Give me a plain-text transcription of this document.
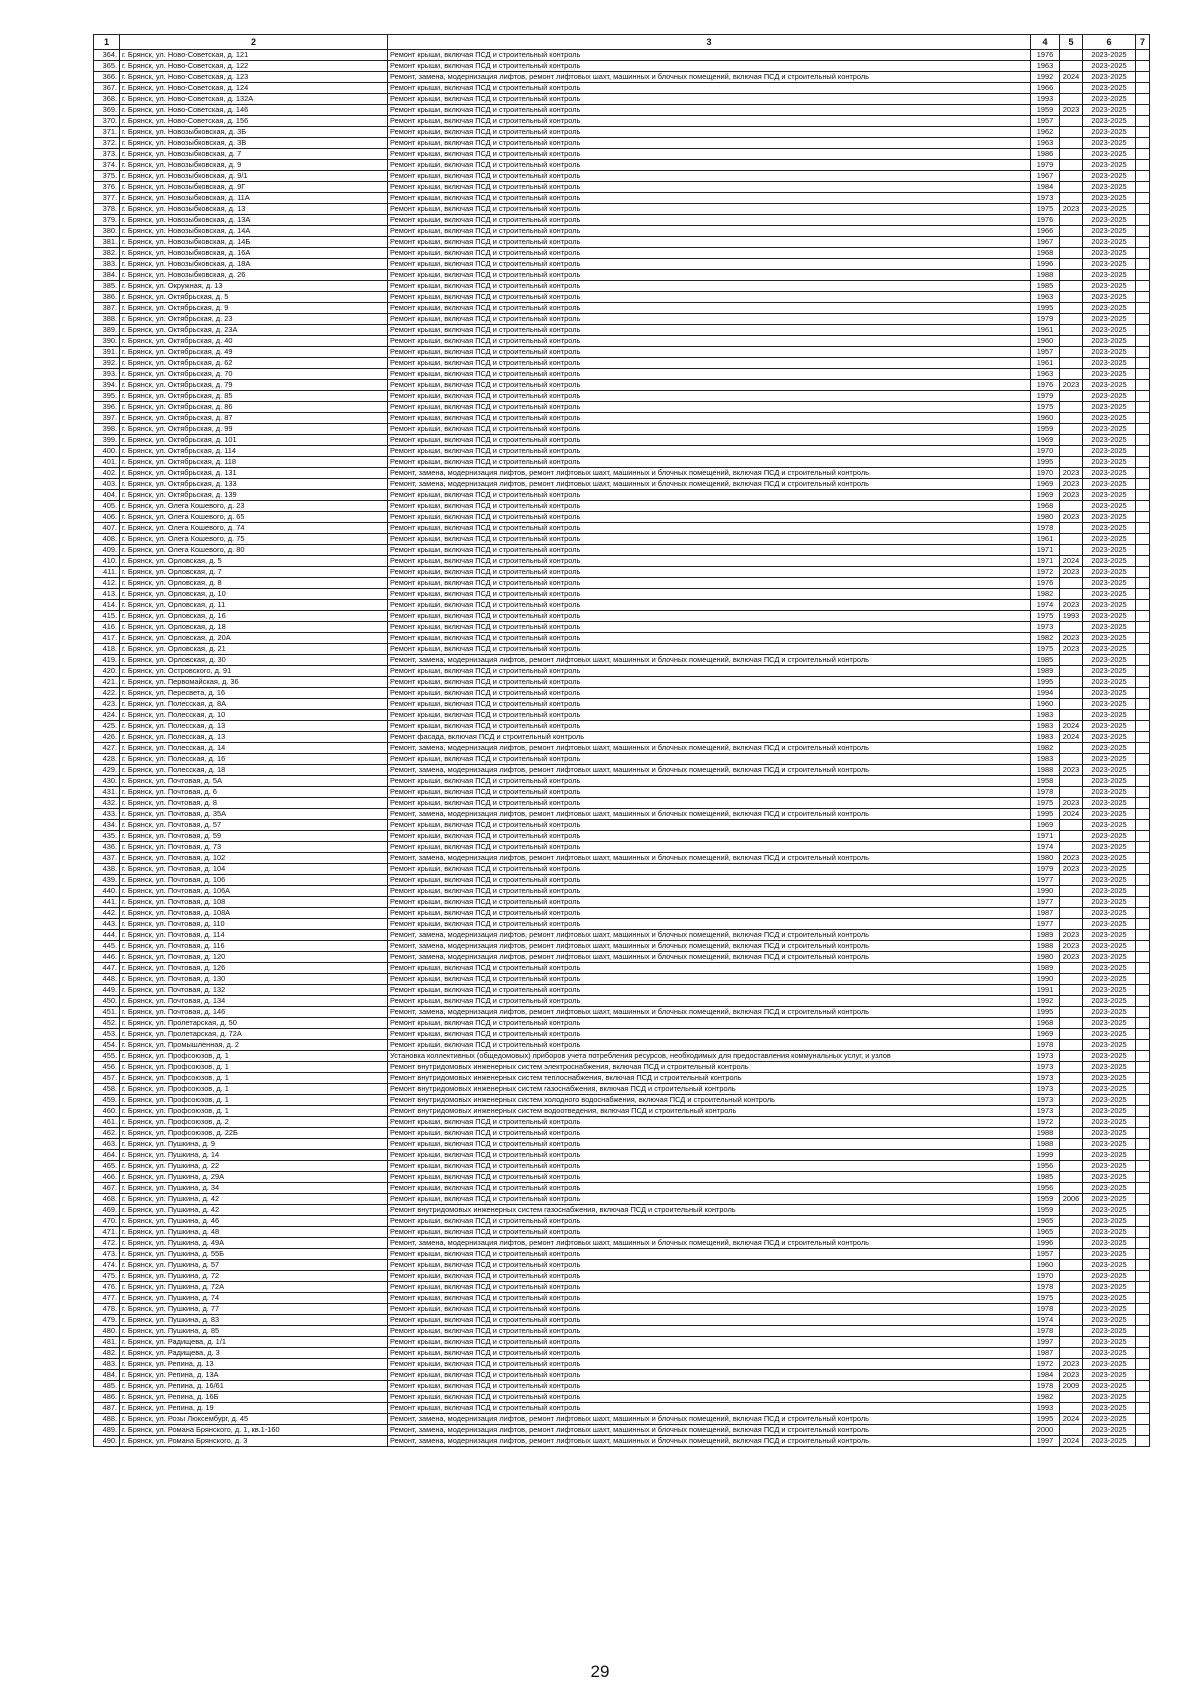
1	2	3	4	5	6	7
364.	г. Брянск, ул. Ново-Советская, д. 121	Ремонт крыши, включая ПСД и строительный контроль	1976		2023-2025	
365.	г. Брянск, ул. Ново-Советская, д. 122	Ремонт крыши, включая ПСД и строительный контроль	1963		2023-2025	
366.	г. Брянск, ул. Ново-Советская, д. 123	Ремонт, замена, модернизация лифтов, ремонт лифтовых шахт, машинных и блочных помещений, включая ПСД и строительный контроль	1992	2024	2023-2025	
367.	г. Брянск, ул. Ново-Советская, д. 124	Ремонт крыши, включая ПСД и строительный контроль	1966		2023-2025	
368.	г. Брянск, ул. Ново-Советская, д. 132А	Ремонт крыши, включая ПСД и строительный контроль	1993		2023-2025	
369.	г. Брянск, ул. Ново-Советская, д. 146	Ремонт крыши, включая ПСД и строительный контроль	1959	2023	2023-2025	
370.	г. Брянск, ул. Ново-Советская, д. 156	Ремонт крыши, включая ПСД и строительный контроль	1957		2023-2025	
371.	г. Брянск, ул. Новозыбковская, д. 3Б	Ремонт крыши, включая ПСД и строительный контроль	1962		2023-2025	
372.	г. Брянск, ул. Новозыбковская, д. 3В	Ремонт крыши, включая ПСД и строительный контроль	1963		2023-2025	
373.	г. Брянск, ул. Новозыбковская, д. 7	Ремонт крыши, включая ПСД и строительный контроль	1986		2023-2025	
374.	г. Брянск, ул. Новозыбковская, д. 9	Ремонт крыши, включая ПСД и строительный контроль	1979		2023-2025	
375.	г. Брянск, ул. Новозыбковская, д. 9/1	Ремонт крыши, включая ПСД и строительный контроль	1967		2023-2025	
376.	г. Брянск, ул. Новозыбковская, д. 9Г	Ремонт крыши, включая ПСД и строительный контроль	1984		2023-2025	
377.	г. Брянск, ул. Новозыбковская, д. 11А	Ремонт крыши, включая ПСД и строительный контроль	1973		2023-2025	
378.	г. Брянск, ул. Новозыбковская, д. 13	Ремонт крыши, включая ПСД и строительный контроль	1975	2023	2023-2025	
379.	г. Брянск, ул. Новозыбковская, д. 13А	Ремонт крыши, включая ПСД и строительный контроль	1976		2023-2025	
380.	г. Брянск, ул. Новозыбковская, д. 14А	Ремонт крыши, включая ПСД и строительный контроль	1966		2023-2025	
381.	г. Брянск, ул. Новозыбковская, д. 14Б	Ремонт крыши, включая ПСД и строительный контроль	1967		2023-2025	
382.	г. Брянск, ул. Новозыбковская, д. 16А	Ремонт крыши, включая ПСД и строительный контроль	1968		2023-2025	
383.	г. Брянск, ул. Новозыбковская, д. 18А	Ремонт крыши, включая ПСД и строительный контроль	1996		2023-2025	
384.	г. Брянск, ул. Новозыбковская, д. 26	Ремонт крыши, включая ПСД и строительный контроль	1988		2023-2025	
385.	г. Брянск, ул. Окружная, д. 13	Ремонт крыши, включая ПСД и строительный контроль	1985		2023-2025	
386.	г. Брянск, ул. Октябрьская, д. 5	Ремонт крыши, включая ПСД и строительный контроль	1963		2023-2025	
387.	г. Брянск, ул. Октябрьская, д. 9	Ремонт крыши, включая ПСД и строительный контроль	1995		2023-2025	
388.	г. Брянск, ул. Октябрьская, д. 23	Ремонт крыши, включая ПСД и строительный контроль	1979		2023-2025	
389.	г. Брянск, ул. Октябрьская, д. 23А	Ремонт крыши, включая ПСД и строительный контроль	1961		2023-2025	
390.	г. Брянск, ул. Октябрьская, д. 40	Ремонт крыши, включая ПСД и строительный контроль	1960		2023-2025	
391.	г. Брянск, ул. Октябрьская, д. 49	Ремонт крыши, включая ПСД и строительный контроль	1957		2023-2025	
392.	г. Брянск, ул. Октябрьская, д. 62	Ремонт крыши, включая ПСД и строительный контроль	1961		2023-2025	
393.	г. Брянск, ул. Октябрьская, д. 70	Ремонт крыши, включая ПСД и строительный контроль	1963		2023-2025	
394.	г. Брянск, ул. Октябрьская, д. 79	Ремонт крыши, включая ПСД и строительный контроль	1976	2023	2023-2025	
395.	г. Брянск, ул. Октябрьская, д. 85	Ремонт крыши, включая ПСД и строительный контроль	1979		2023-2025	
396.	г. Брянск, ул. Октябрьская, д. 86	Ремонт крыши, включая ПСД и строительный контроль	1975		2023-2025	
397.	г. Брянск, ул. Октябрьская, д. 87	Ремонт крыши, включая ПСД и строительный контроль	1960		2023-2025	
398.	г. Брянск, ул. Октябрьская, д. 99	Ремонт крыши, включая ПСД и строительный контроль	1959		2023-2025	
399.	г. Брянск, ул. Октябрьская, д. 101	Ремонт крыши, включая ПСД и строительный контроль	1969		2023-2025	
400.	г. Брянск, ул. Октябрьская, д. 114	Ремонт крыши, включая ПСД и строительный контроль	1970		2023-2025	
401.	г. Брянск, ул. Октябрьская, д. 118	Ремонт крыши, включая ПСД и строительный контроль	1995		2023-2025	
402.	г. Брянск, ул. Октябрьская, д. 131	Ремонт, замена, модернизация лифтов, ремонт лифтовых шахт, машинных и блочных помещений, включая ПСД и строительный контроль	1970	2023	2023-2025	
403.	г. Брянск, ул. Октябрьская, д. 133	Ремонт, замена, модернизация лифтов, ремонт лифтовых шахт, машинных и блочных помещений, включая ПСД и строительный контроль	1969	2023	2023-2025	
404.	г. Брянск, ул. Октябрьская, д. 139	Ремонт крыши, включая ПСД и строительный контроль	1969	2023	2023-2025	
405.	г. Брянск, ул. Олега Кошевого, д. 23	Ремонт крыши, включая ПСД и строительный контроль	1968		2023-2025	
406.	г. Брянск, ул. Олега Кошевого, д. 65	Ремонт крыши, включая ПСД и строительный контроль	1980	2023	2023-2025	
407.	г. Брянск, ул. Олега Кошевого, д. 74	Ремонт крыши, включая ПСД и строительный контроль	1978		2023-2025	
408.	г. Брянск, ул. Олега Кошевого, д. 75	Ремонт крыши, включая ПСД и строительный контроль	1961		2023-2025	
409.	г. Брянск, ул. Олега Кошевого, д. 80	Ремонт крыши, включая ПСД и строительный контроль	1971		2023-2025	
410.	г. Брянск, ул. Орловская, д. 5	Ремонт крыши, включая ПСД и строительный контроль	1971	2024	2023-2025	
411.	г. Брянск, ул. Орловская, д. 7	Ремонт крыши, включая ПСД и строительный контроль	1972	2023	2023-2025	
412.	г. Брянск, ул. Орловская, д. 8	Ремонт крыши, включая ПСД и строительный контроль	1976		2023-2025	
413.	г. Брянск, ул. Орловская, д. 10	Ремонт крыши, включая ПСД и строительный контроль	1982		2023-2025	
414.	г. Брянск, ул. Орловская, д. 11	Ремонт крыши, включая ПСД и строительный контроль	1974	2023	2023-2025	
415.	г. Брянск, ул. Орловская, д. 16	Ремонт крыши, включая ПСД и строительный контроль	1975	1993	2023-2025	
416.	г. Брянск, ул. Орловская, д. 18	Ремонт крыши, включая ПСД и строительный контроль	1973		2023-2025	
417.	г. Брянск, ул. Орловская, д. 20А	Ремонт крыши, включая ПСД и строительный контроль	1982	2023	2023-2025	
418.	г. Брянск, ул. Орловская, д. 21	Ремонт крыши, включая ПСД и строительный контроль	1975	2023	2023-2025	
419.	г. Брянск, ул. Орловская, д. 30	Ремонт, замена, модернизация лифтов, ремонт лифтовых шахт, машинных и блочных помещений, включая ПСД и строительный контроль	1985		2023-2025	
420.	г. Брянск, ул. Островского, д. 91	Ремонт крыши, включая ПСД и строительный контроль	1989		2023-2025	
421.	г. Брянск, ул. Первомайская, д. 36	Ремонт крыши, включая ПСД и строительный контроль	1995		2023-2025	
422.	г. Брянск, ул. Пересвета, д. 16	Ремонт крыши, включая ПСД и строительный контроль	1994		2023-2025	
423.	г. Брянск, ул. Полесская, д. 8А	Ремонт крыши, включая ПСД и строительный контроль	1960		2023-2025	
424.	г. Брянск, ул. Полесская, д. 10	Ремонт крыши, включая ПСД и строительный контроль	1983		2023-2025	
425.	г. Брянск, ул. Полесская, д. 13	Ремонт крыши, включая ПСД и строительный контроль	1983	2024	2023-2025	
426.	г. Брянск, ул. Полесская, д. 13	Ремонт фасада, включая ПСД и строительный контроль	1983	2024	2023-2025	
427.	г. Брянск, ул. Полесская, д. 14	Ремонт, замена, модернизация лифтов, ремонт лифтовых шахт, машинных и блочных помещений, включая ПСД и строительный контроль	1982		2023-2025	
428.	г. Брянск, ул. Полесская, д. 16	Ремонт крыши, включая ПСД и строительный контроль	1983		2023-2025	
429.	г. Брянск, ул. Полесская, д. 18	Ремонт, замена, модернизация лифтов, ремонт лифтовых шахт, машинных и блочных помещений, включая ПСД и строительный контроль	1988	2023	2023-2025	
430.	г. Брянск, ул. Почтовая, д. 5А	Ремонт крыши, включая ПСД и строительный контроль	1958		2023-2025	
431.	г. Брянск, ул. Почтовая, д. 6	Ремонт крыши, включая ПСД и строительный контроль	1978		2023-2025	
432.	г. Брянск, ул. Почтовая, д. 8	Ремонт крыши, включая ПСД и строительный контроль	1975	2023	2023-2025	
433.	г. Брянск, ул. Почтовая, д. 35А	Ремонт, замена, модернизация лифтов, ремонт лифтовых шахт, машинных и блочных помещений, включая ПСД и строительный контроль	1995	2024	2023-2025	
434.	г. Брянск, ул. Почтовая, д. 57	Ремонт крыши, включая ПСД и строительный контроль	1969		2023-2025	
435.	г. Брянск, ул. Почтовая, д. 59	Ремонт крыши, включая ПСД и строительный контроль	1971		2023-2025	
436.	г. Брянск, ул. Почтовая, д. 73	Ремонт крыши, включая ПСД и строительный контроль	1974		2023-2025	
437.	г. Брянск, ул. Почтовая, д. 102	Ремонт, замена, модернизация лифтов, ремонт лифтовых шахт, машинных и блочных помещений, включая ПСД и строительный контроль	1980	2023	2023-2025	
438.	г. Брянск, ул. Почтовая, д. 104	Ремонт крыши, включая ПСД и строительный контроль	1979	2023	2023-2025	
439.	г. Брянск, ул. Почтовая, д. 106	Ремонт крыши, включая ПСД и строительный контроль	1977		2023-2025	
440.	г. Брянск, ул. Почтовая, д. 106А	Ремонт крыши, включая ПСД и строительный контроль	1990		2023-2025	
441.	г. Брянск, ул. Почтовая, д. 108	Ремонт крыши, включая ПСД и строительный контроль	1977		2023-2025	
442.	г. Брянск, ул. Почтовая, д. 108А	Ремонт крыши, включая ПСД и строительный контроль	1987		2023-2025	
443.	г. Брянск, ул. Почтовая, д. 110	Ремонт крыши, включая ПСД и строительный контроль	1977		2023-2025	
444.	г. Брянск, ул. Почтовая, д. 114	Ремонт, замена, модернизация лифтов, ремонт лифтовых шахт, машинных и блочных помещений, включая ПСД и строительный контроль	1989	2023	2023-2025	
445.	г. Брянск, ул. Почтовая, д. 116	Ремонт, замена, модернизация лифтов, ремонт лифтовых шахт, машинных и блочных помещений, включая ПСД и строительный контроль	1988	2023	2023-2025	
446.	г. Брянск, ул. Почтовая, д. 120	Ремонт, замена, модернизация лифтов, ремонт лифтовых шахт, машинных и блочных помещений, включая ПСД и строительный контроль	1980	2023	2023-2025	
447.	г. Брянск, ул. Почтовая, д. 126	Ремонт крыши, включая ПСД и строительный контроль	1989		2023-2025	
448.	г. Брянск, ул. Почтовая, д. 130	Ремонт крыши, включая ПСД и строительный контроль	1990		2023-2025	
449.	г. Брянск, ул. Почтовая, д. 132	Ремонт крыши, включая ПСД и строительный контроль	1991		2023-2025	
450.	г. Брянск, ул. Почтовая, д. 134	Ремонт крыши, включая ПСД и строительный контроль	1992		2023-2025	
451.	г. Брянск, ул. Почтовая, д. 146	Ремонт, замена, модернизация лифтов, ремонт лифтовых шахт, машинных и блочных помещений, включая ПСД и строительный контроль	1995		2023-2025	
452.	г. Брянск, ул. Пролетарская, д. 50	Ремонт крыши, включая ПСД и строительный контроль	1968		2023-2025	
453.	г. Брянск, ул. Пролетарская, д. 72А	Ремонт крыши, включая ПСД и строительный контроль	1969		2023-2025	
454.	г. Брянск, ул. Промышленная, д. 2	Ремонт крыши, включая ПСД и строительный контроль	1978		2023-2025	
455.	г. Брянск, ул. Профсоюзов, д. 1	Установка коллективных (общедомовых) приборов учета потребления ресурсов, необходимых для предоставления коммунальных услуг, и узлов	1973		2023-2025	
456.	г. Брянск, ул. Профсоюзов, д. 1	Ремонт внутридомовых инженерных систем электроснабжения, включая ПСД и строительный контроль	1973		2023-2025	
457.	г. Брянск, ул. Профсоюзов, д. 1	Ремонт внутридомовых инженерных систем теплоснабжения, включая ПСД и строительный контроль	1973		2023-2025	
458.	г. Брянск, ул. Профсоюзов, д. 1	Ремонт внутридомовых инженерных систем газоснабжения, включая ПСД и строительный контроль	1973		2023-2025	
459.	г. Брянск, ул. Профсоюзов, д. 1	Ремонт внутридомовых инженерных систем холодного водоснабжения, включая ПСД и строительный контроль	1973		2023-2025	
460.	г. Брянск, ул. Профсоюзов, д. 1	Ремонт внутридомовых инженерных систем водоотведения, включая ПСД и строительный контроль	1973		2023-2025	
461.	г. Брянск, ул. Профсоюзов, д. 2	Ремонт крыши, включая ПСД и строительный контроль	1972		2023-2025	
462.	г. Брянск, ул. Профсоюзов, д. 22Б	Ремонт крыши, включая ПСД и строительный контроль	1988		2023-2025	
463.	г. Брянск, ул. Пушкина, д. 9	Ремонт крыши, включая ПСД и строительный контроль	1988		2023-2025	
464.	г. Брянск, ул. Пушкина, д. 14	Ремонт крыши, включая ПСД и строительный контроль	1999		2023-2025	
465.	г. Брянск, ул. Пушкина, д. 22	Ремонт крыши, включая ПСД и строительный контроль	1956		2023-2025	
466.	г. Брянск, ул. Пушкина, д. 29А	Ремонт крыши, включая ПСД и строительный контроль	1985		2023-2025	
467.	г. Брянск, ул. Пушкина, д. 34	Ремонт крыши, включая ПСД и строительный контроль	1956		2023-2025	
468.	г. Брянск, ул. Пушкина, д. 42	Ремонт крыши, включая ПСД и строительный контроль	1959	2006	2023-2025	
469.	г. Брянск, ул. Пушкина, д. 42	Ремонт внутридомовых инженерных систем газоснабжения, включая ПСД и строительный контроль	1959		2023-2025	
470.	г. Брянск, ул. Пушкина, д. 46	Ремонт крыши, включая ПСД и строительный контроль	1965		2023-2025	
471.	г. Брянск, ул. Пушкина, д. 48	Ремонт крыши, включая ПСД и строительный контроль	1965		2023-2025	
472.	г. Брянск, ул. Пушкина, д. 49А	Ремонт, замена, модернизация лифтов, ремонт лифтовых шахт, машинных и блочных помещений, включая ПСД и строительный контроль	1996		2023-2025	
473.	г. Брянск, ул. Пушкина, д. 55Б	Ремонт крыши, включая ПСД и строительный контроль	1957		2023-2025	
474.	г. Брянск, ул. Пушкина, д. 57	Ремонт крыши, включая ПСД и строительный контроль	1960		2023-2025	
475.	г. Брянск, ул. Пушкина, д. 72	Ремонт крыши, включая ПСД и строительный контроль	1970		2023-2025	
476.	г. Брянск, ул. Пушкина, д. 72А	Ремонт крыши, включая ПСД и строительный контроль	1978		2023-2025	
477.	г. Брянск, ул. Пушкина, д. 74	Ремонт крыши, включая ПСД и строительный контроль	1975		2023-2025	
478.	г. Брянск, ул. Пушкина, д. 77	Ремонт крыши, включая ПСД и строительный контроль	1978		2023-2025	
479.	г. Брянск, ул. Пушкина, д. 83	Ремонт крыши, включая ПСД и строительный контроль	1974		2023-2025	
480.	г. Брянск, ул. Пушкина, д. 85	Ремонт крыши, включая ПСД и строительный контроль	1978		2023-2025	
481.	г. Брянск, ул. Радищева, д. 1/1	Ремонт крыши, включая ПСД и строительный контроль	1997		2023-2025	
482.	г. Брянск, ул. Радищева, д. 3	Ремонт крыши, включая ПСД и строительный контроль	1987		2023-2025	
483.	г. Брянск, ул. Репина, д. 13	Ремонт крыши, включая ПСД и строительный контроль	1972	2023	2023-2025	
484.	г. Брянск, ул. Репина, д. 13А	Ремонт крыши, включая ПСД и строительный контроль	1984	2023	2023-2025	
485.	г. Брянск, ул. Репина, д. 16/61	Ремонт крыши, включая ПСД и строительный контроль	1978	2009	2023-2025	
486.	г. Брянск, ул. Репина, д. 16Б	Ремонт крыши, включая ПСД и строительный контроль	1982		2023-2025	
487.	г. Брянск, ул. Репина, д. 19	Ремонт крыши, включая ПСД и строительный контроль	1993		2023-2025	
488.	г. Брянск, ул. Розы Люксембург, д. 45	Ремонт, замена, модернизация лифтов, ремонт лифтовых шахт, машинных и блочных помещений, включая ПСД и строительный контроль	1995	2024	2023-2025	
489.	г. Брянск, ул. Романа Брянского, д. 1, кв.1-160	Ремонт, замена, модернизация лифтов, ремонт лифтовых шахт, машинных и блочных помещений, включая ПСД и строительный контроль	2000		2023-2025	
490.	г. Брянск, ул. Романа Брянского, д. 3	Ремонт, замена, модернизация лифтов, ремонт лифтовых шахт, машинных и блочных помещений, включая ПСД и строительный контроль	1997	2024	2023-2025	
29
